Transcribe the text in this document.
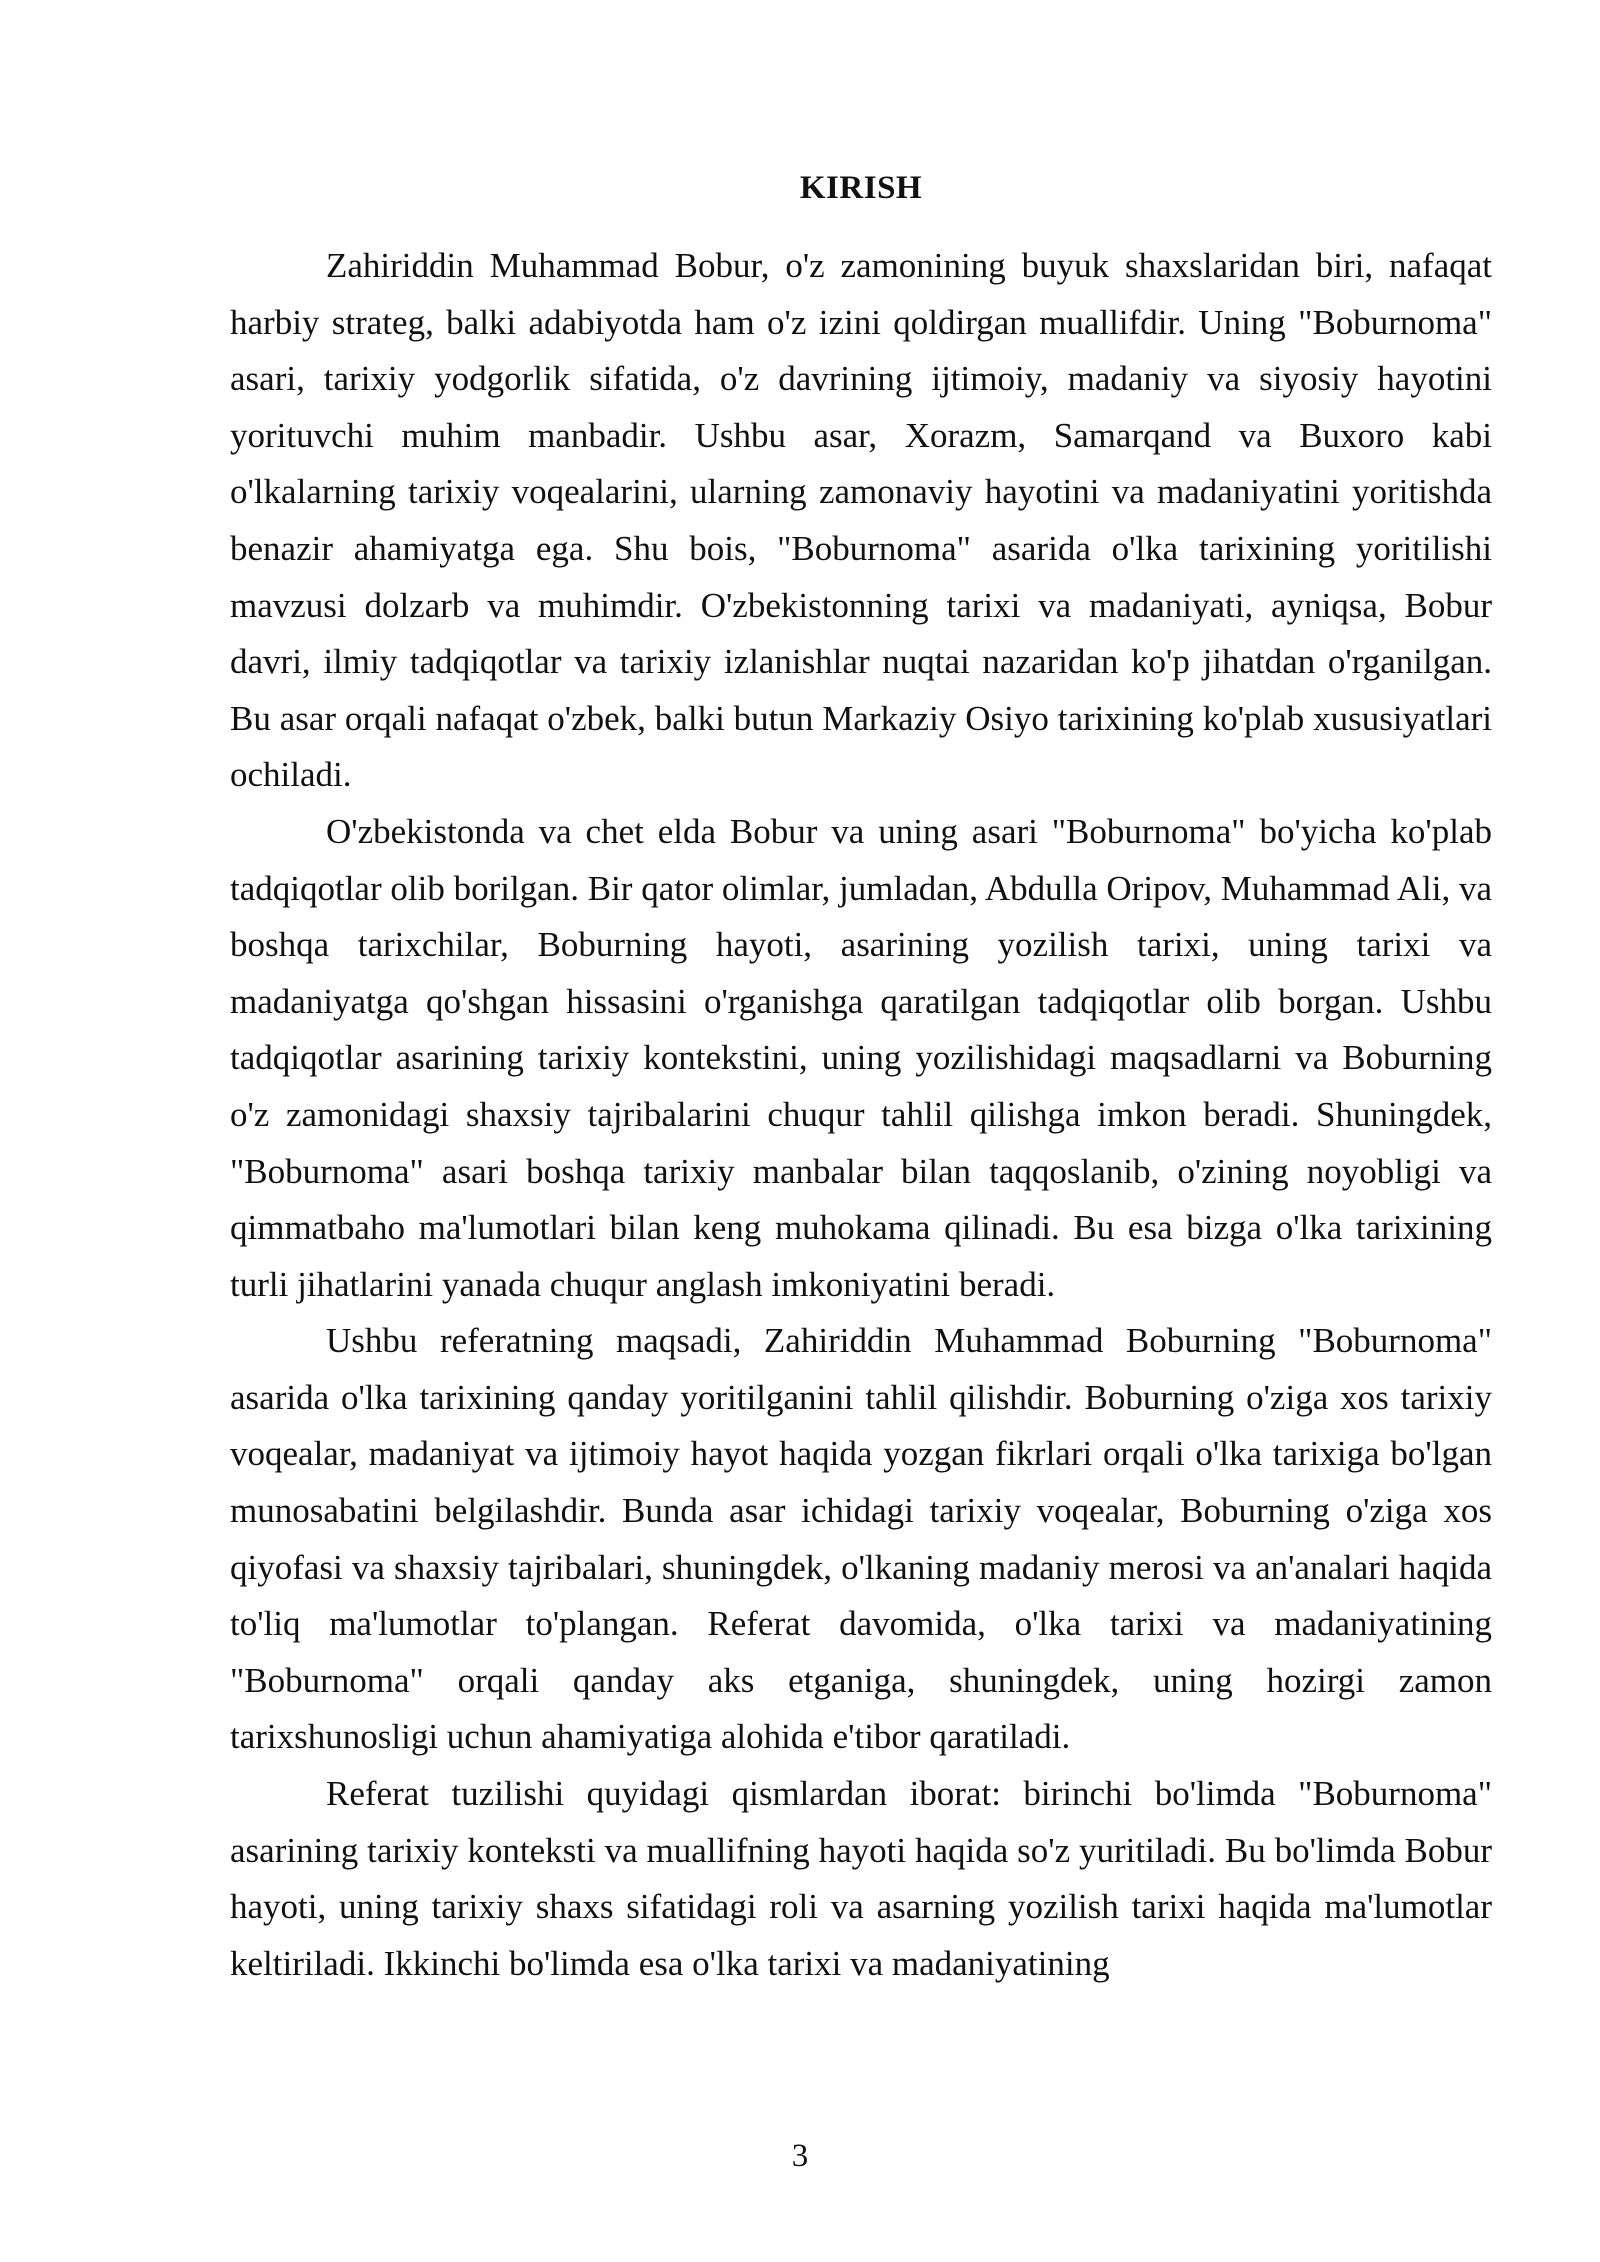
KIRISH

Zahiriddin Muhammad Bobur, o'z zamonining buyuk shaxslaridan biri, nafaqat harbiy strateg, balki adabiyotda ham o'z izini qoldirgan muallifdir. Uning "Boburnoma" asari, tarixiy yodgorlik sifatida, o'z davrining ijtimoiy, madaniy va siyosiy hayotini yorituvchi muhim manbadir. Ushbu asar, Xorazm, Samarqand va Buxoro kabi o'lkalarning tarixiy voqealarini, ularning zamonaviy hayotini va madaniyatini yoritishda benazir ahamiyatga ega. Shu bois, "Boburnoma" asarida o'lka tarixining yoritilishi mavzusi dolzarb va muhimdir. O'zbekistonning tarixi va madaniyati, ayniqsa, Bobur davri, ilmiy tadqiqotlar va tarixiy izlanishlar nuqtai nazaridan ko'p jihatdan o'rganilgan. Bu asar orqali nafaqat o'zbek, balki butun Markaziy Osiyo tarixining ko'plab xususiyatlari ochiladi.

O'zbekistonda va chet elda Bobur va uning asari "Boburnoma" bo'yicha ko'plab tadqiqotlar olib borilgan. Bir qator olimlar, jumladan, Abdulla Oripov, Muhammad Ali, va boshqa tarixchilar, Boburning hayoti, asarining yozilish tarixi, uning tarixi va madaniyatga qo'shgan hissasini o'rganishga qaratilgan tadqiqotlar olib borgan. Ushbu tadqiqotlar asarining tarixiy kontekstini, uning yozilishidagi maqsadlarni va Boburning o'z zamonidagi shaxsiy tajribalarini chuqur tahlil qilishga imkon beradi. Shuningdek, "Boburnoma" asari boshqa tarixiy manbalar bilan taqqoslanib, o'zining noyobligi va qimmatbaho ma'lumotlari bilan keng muhokama qilinadi. Bu esa bizga o'lka tarixining turli jihatlarini yanada chuqur anglash imkoniyatini beradi.

Ushbu referatning maqsadi, Zahiriddin Muhammad Boburning "Boburnoma" asarida o'lka tarixining qanday yoritilganini tahlil qilishdir. Boburning o'ziga xos tarixiy voqealar, madaniyat va ijtimoiy hayot haqida yozgan fikrlari orqali o'lka tarixiga bo'lgan munosabatini belgilashdir. Bunda asar ichidagi tarixiy voqealar, Boburning o'ziga xos qiyofasi va shaxsiy tajribalari, shuningdek, o'lkaning madaniy merosi va an'analari haqida to'liq ma'lumotlar to'plangan. Referat davomida, o'lka tarixi va madaniyatining "Boburnoma" orqali qanday aks etganiga, shuningdek, uning hozirgi zamon tarixshunosligi uchun ahamiyatiga alohida e'tibor qaratiladi.

Referat tuzilishi quyidagi qismlardan iborat: birinchi bo'limda "Boburnoma" asarining tarixiy konteksti va muallifning hayoti haqida so'z yuritiladi. Bu bo'limda Bobur hayoti, uning tarixiy shaxs sifatidagi roli va asarning yozilish tarixi haqida ma'lumotlar keltiriladi. Ikkinchi bo'limda esa o'lka tarixi va madaniyatining

3
